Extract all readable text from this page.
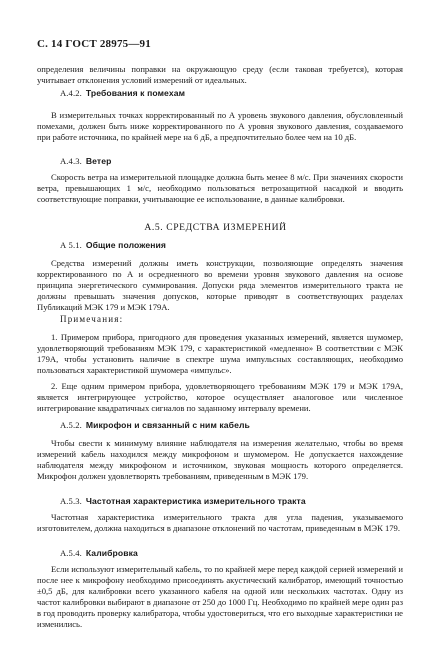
С. 14 ГОСТ 28975—91
определения величины поправки на окружающую среду (если таковая требуется), которая учитывает отклонения условий измерений от идеальных.
А.4.2. Требования к помехам
В измерительных точках корректированный по А уровень звукового давления, обусловленный помехами, должен быть ниже корректированного по А уровня звукового давления, создаваемого при работе источника, по крайней мере на 6 дБ, а предпочтительно более чем на 10 дБ.
А.4.3. Ветер
Скорость ветра на измерительной площадке должна быть менее 8 м/с. При значениях скорости ветра, превышающих 1 м/с, необходимо пользоваться ветрозащитной насадкой и вводить соответствующие поправки, учитывающие ее использование, в данные калибровки.
А.5. СРЕДСТВА ИЗМЕРЕНИЙ
А 5.1. Общие положения
Средства измерений должны иметь конструкции, позволяющие определять значения корректированного по А и осредненного во времени уровня звукового давления на основе принципа энергетического суммирования. Допуски ряда элементов измерительного тракта не должны превышать значения допусков, которые приводят в соответствующих разделах Публикаций МЭК 179 и МЭК 179А.
Примечания:
1. Примером прибора, пригодного для проведения указанных измерений, является шумомер, удовлетворяющий требованиям МЭК 179, с характеристикой «медленно» В соответствии с МЭК 179А, чтобы установить наличие в спектре шума импульсных составляющих, необходимо пользоваться характеристикой шумомера «импульс».
2. Еще одним примером прибора, удовлетворяющего требованиям МЭК 179 и МЭК 179А, является интегрирующее устройство, которое осуществляет аналоговое или численное интегрирование квадратичных сигналов по заданному интервалу времени.
А.5.2. Микрофон и связанный с ним кабель
Чтобы свести к минимуму влияние наблюдателя на измерения желательно, чтобы во время измерений кабель находился между микрофоном и шумомером. Не допускается нахождение наблюдателя между микрофоном и источником, звуковая мощность которого определяется. Микрофон должен удовлетворять требованиям, приведенным в МЭК 179.
А.5.3. Частотная характеристика измерительного тракта
Частотная характеристика измерительного тракта для угла падения, указываемого изготовителем, должна находиться в диапазоне отклонений по частотам, приведенным в МЭК 179.
А.5.4. Калибровка
Если используют измерительный кабель, то по крайней мере перед каждой серией измерений и после нее к микрофону необходимо присоединять акустический калибратор, имеющий точностью ±0,5 дБ, для калибровки всего указанного кабеля на одной или нескольких частотах. Одну из частот калибровки выбирают в диапазоне от 250 до 1000 Гц. Необходимо по крайней мере один раз в год проводить проверку калибратора, чтобы удостовериться, что его выходные характеристики не изменились.
